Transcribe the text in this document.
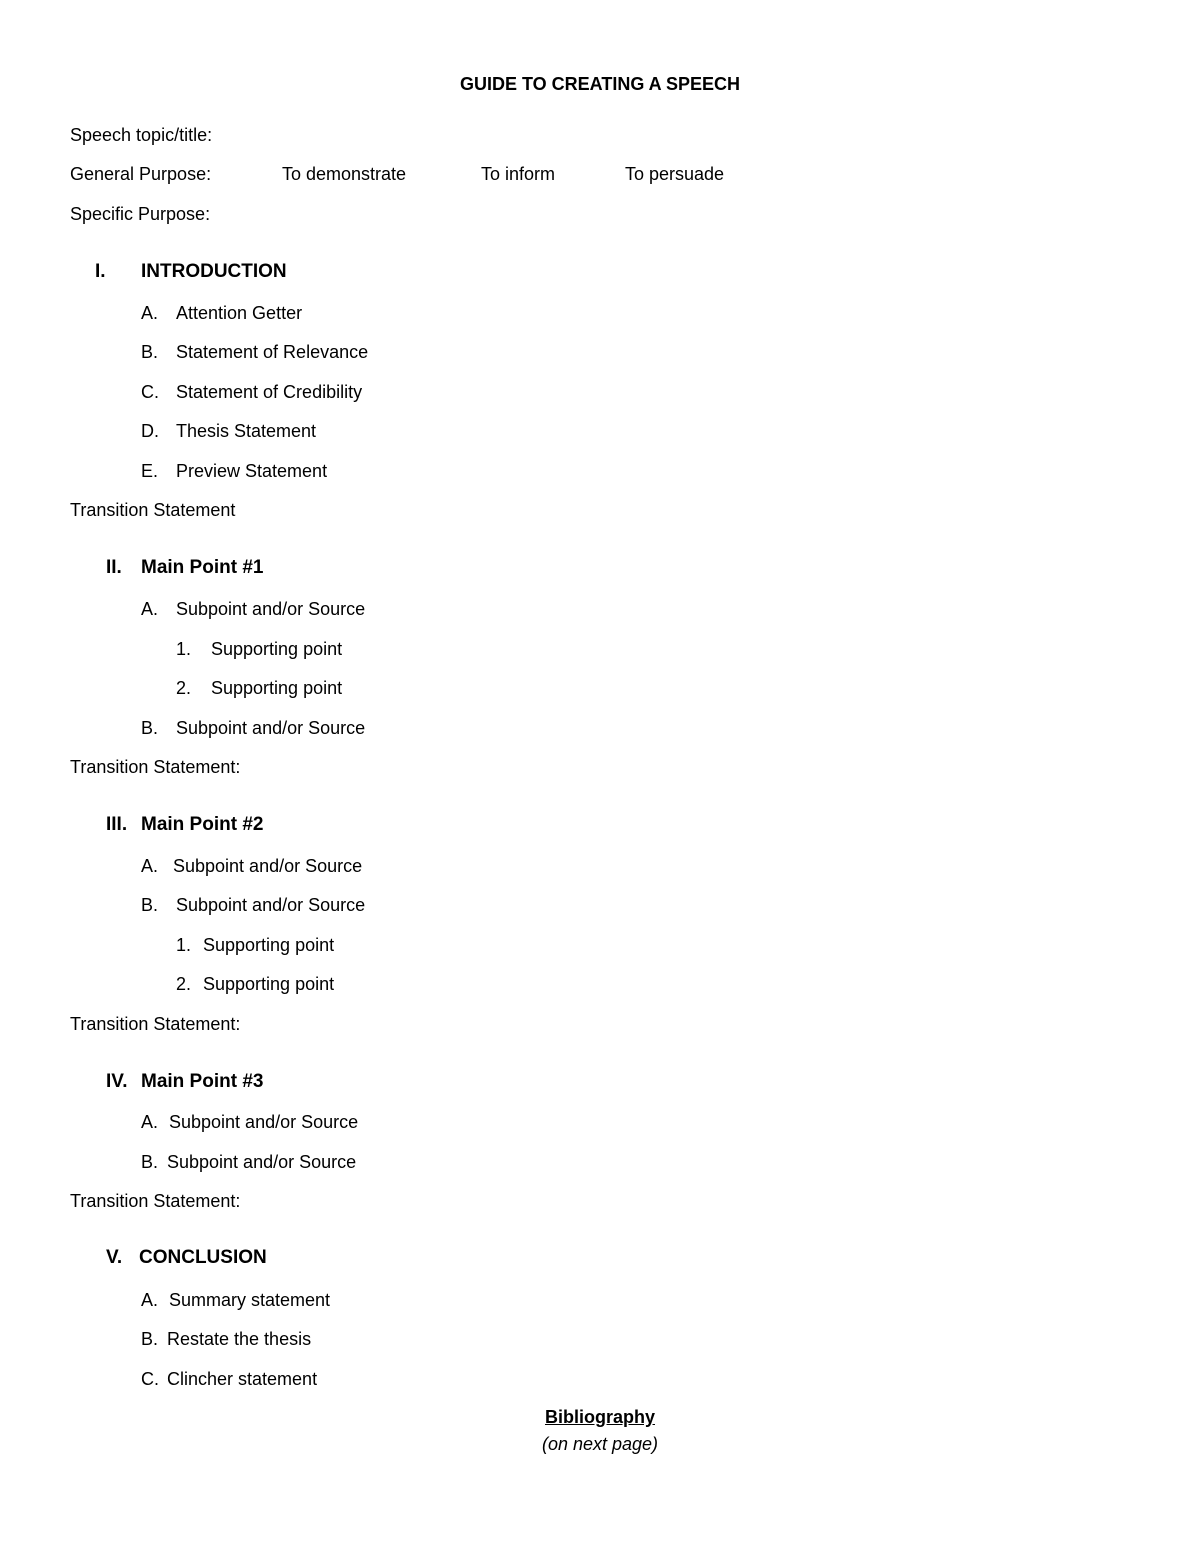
GUIDE TO CREATING A SPEECH
Speech topic/title:
General Purpose:	To demonstrate	To inform	To persuade
Specific Purpose:
I. INTRODUCTION
A. Attention Getter
B. Statement of Relevance
C. Statement of Credibility
D. Thesis Statement
E. Preview Statement
Transition Statement
II. Main Point #1
A. Subpoint and/or Source
1. Supporting point
2. Supporting point
B. Subpoint and/or Source
Transition Statement:
III. Main Point #2
A. Subpoint and/or Source
B. Subpoint and/or Source
1. Supporting point
2. Supporting point
Transition Statement:
IV. Main Point #3
A. Subpoint and/or Source
B. Subpoint and/or Source
Transition Statement:
V. CONCLUSION
A. Summary statement
B. Restate the thesis
C. Clincher statement
Bibliography
(on next page)
